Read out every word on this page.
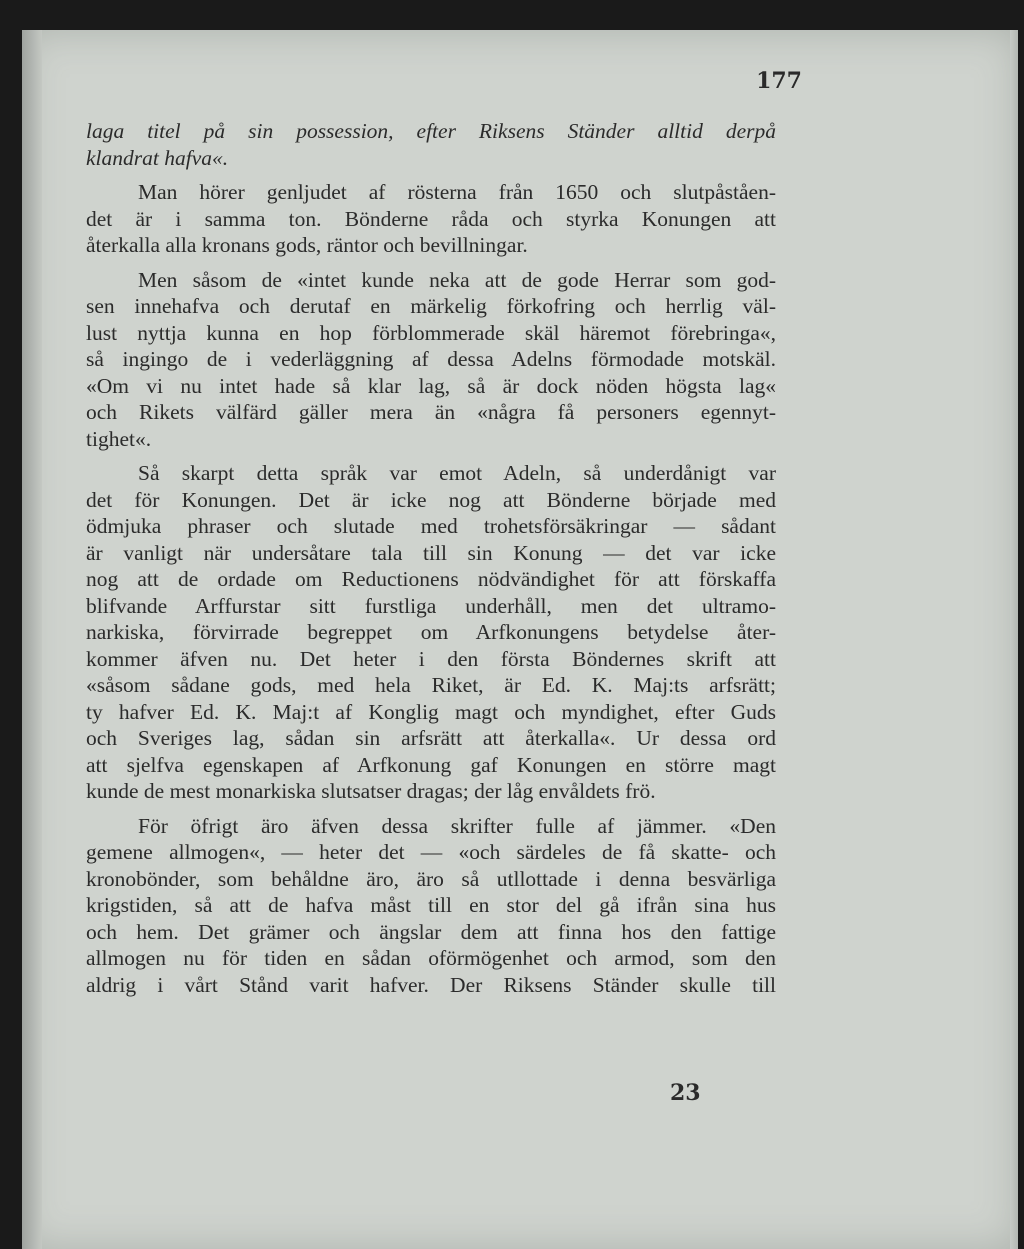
177
laga titel på sin possession, efter Riksens Ständer alltid derpå
klandrat hafva«.
Man hörer genljudet af rösterna från 1650 och slutpåståen-
det är i samma ton. Bönderne råda och styrka Konungen att
återkalla alla kronans gods, räntor och bevillningar.
Men såsom de «intet kunde neka att de gode Herrar som god-
sen innehafva och derutaf en märkelig förkofring och herrlig väl-
lust nyttja kunna en hop förblommerade skäl häremot förebringa«,
så ingingo de i vederläggning af dessa Adelns förmodade motskäl.
«Om vi nu intet hade så klar lag, så är dock nöden högsta lag«
och Rikets välfärd gäller mera än «några få personers egennyt-
tighet«.
Så skarpt detta språk var emot Adeln, så underdånigt var
det för Konungen. Det är icke nog att Bönderne började med
ödmjuka phraser och slutade med trohetsförsäkringar — sådant
är vanligt när undersåtare tala till sin Konung — det var icke
nog att de ordade om Reductionens nödvändighet för att förskaffa
blifvande Arffurstar sitt furstliga underhåll, men det ultramo-
narkiska, förvirrade begreppet om Arfkonungens betydelse åter-
kommer äfven nu. Det heter i den första Böndernes skrift att
«såsom sådane gods, med hela Riket, är Ed. K. Maj:ts arfsrätt;
ty hafver Ed. K. Maj:t af Konglig magt och myndighet, efter Guds
och Sveriges lag, sådan sin arfsrätt att återkalla«. Ur dessa ord
att sjelfva egenskapen af Arfkonung gaf Konungen en större magt
kunde de mest monarkiska slutsatser dragas; der låg envåldets frö.
För öfrigt äro äfven dessa skrifter fulle af jämmer. «Den
gemene allmogen«, — heter det — «och särdeles de få skatte- och
kronobönder, som behåldne äro, äro så utllottade i denna besvärliga
krigstiden, så att de hafva måst till en stor del gå ifrån sina hus
och hem. Det grämer och ängslar dem att finna hos den fattige
allmogen nu för tiden en sådan oförmögenhet och armod, som den
aldrig i vårt Stånd varit hafver. Der Riksens Ständer skulle till
23
